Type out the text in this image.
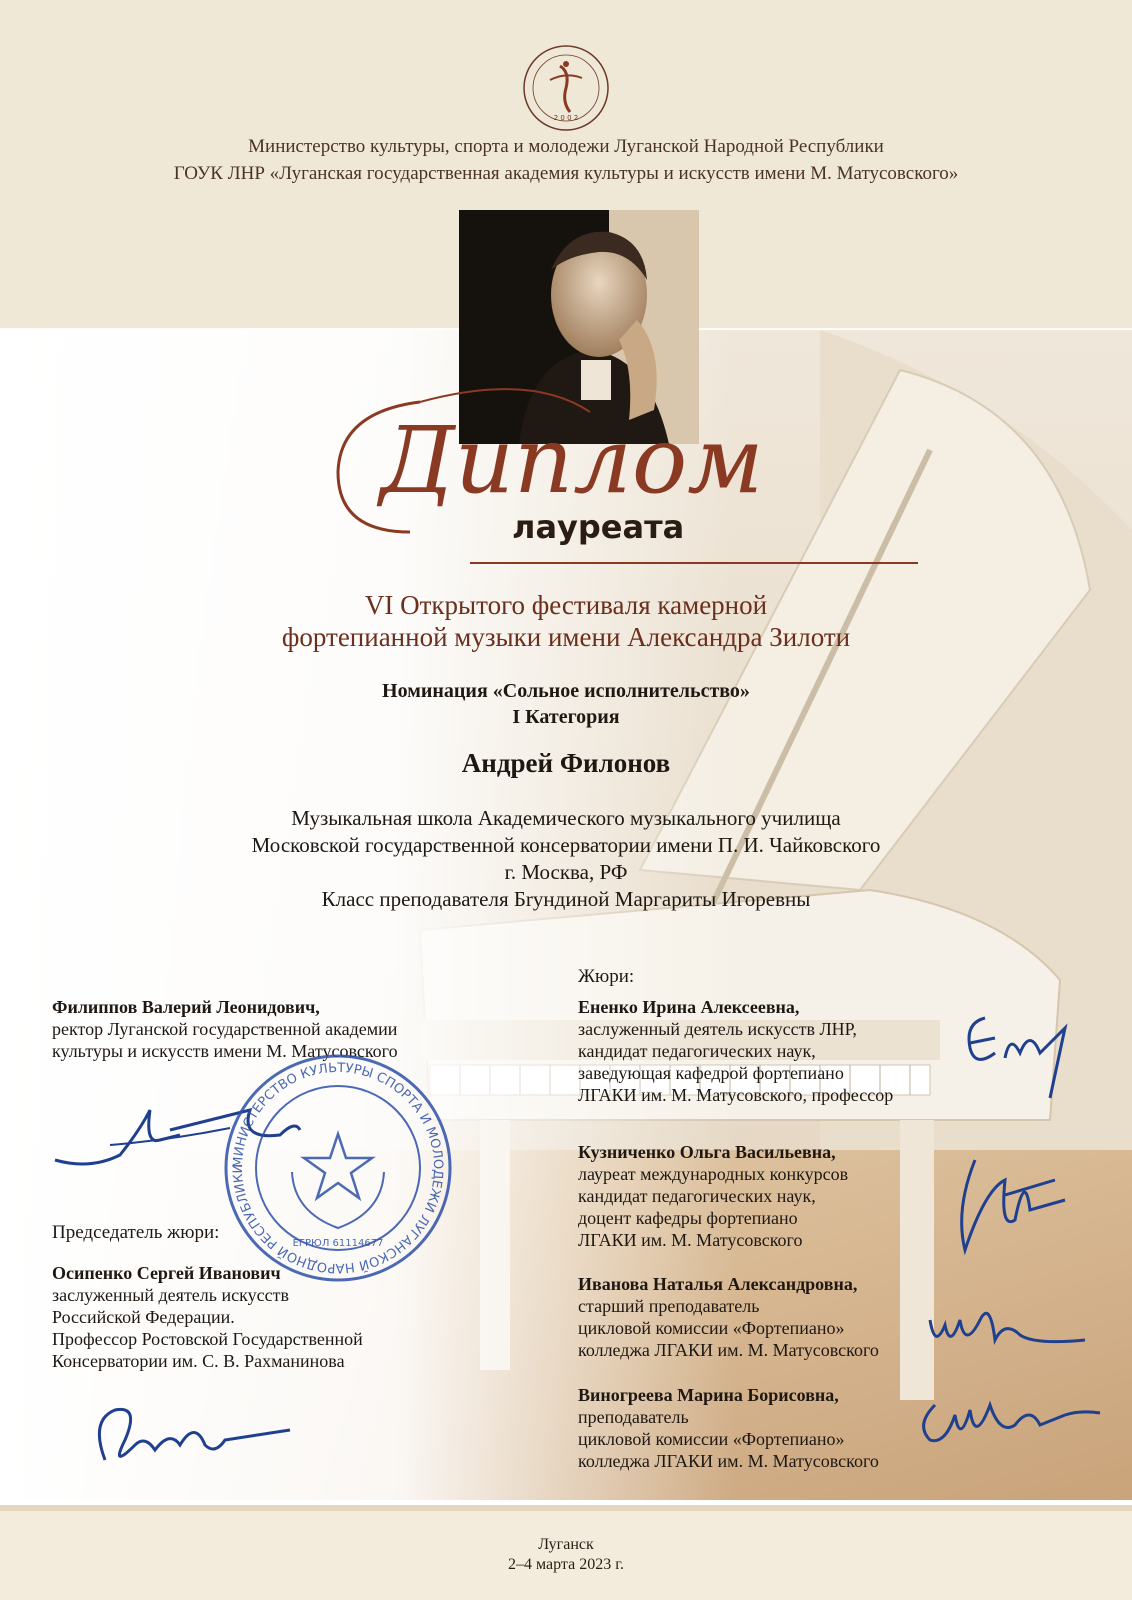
2 0 0 2
Министерство культуры, спорта и молодежи Луганской Народной Республики
ГОУК ЛНР «Луганская государственная академия культуры и искусств имени М. Матусовского»
Диплом
лауреата
VI Открытого фестиваля камерной
фортепианной музыки имени Александра Зилоти
Номинация «Сольное исполнительство»
I Категория
Андрей Филонов
Музыкальная школа Академического музыкального училища
Московской государственной консерватории имени П. И. Чайковского
г. Москва, РФ
Класс преподавателя Бryндиной Маргариты Игоревны
Филиппов Валерий Леонидович,
ректор Луганской государственной академии
культуры и искусств имени М. Матусовского
МИНИСТЕРСТВО КУЛЬТУРЫ СПОРТА И МОЛОДЕЖИ ЛУГАНСКОЙ НАРОДНОЙ РЕСПУБЛИКИ
ЕГРЮЛ 61114677
Председатель жюри:
Осипенко Сергей Иванович
заслуженный деятель искусств
Российской Федерации.
Профессор Ростовской Государственной
Консерватории им. С. В. Рахманинова
Жюри:
Ененко Ирина Алексеевна,
заслуженный деятель искусств ЛНР,
кандидат педагогических наук,
заведующая кафедрой фортепиано
ЛГАКИ им. М. Матусовского, профессор
Кузниченко Ольга Васильевна,
лауреат международных конкурсов
кандидат педагогических наук,
доцент кафедры фортепиано
ЛГАКИ им. М. Матусовского
Иванова Наталья Александровна,
старший преподаватель
цикловой комиссии «Фортепиано»
колледжа ЛГАКИ им. М. Матусовского
Виногреева Марина Борисовна,
преподаватель
цикловой комиссии «Фортепиано»
колледжа ЛГАКИ им. М. Матусовского
Луганск
2–4 марта 2023 г.
